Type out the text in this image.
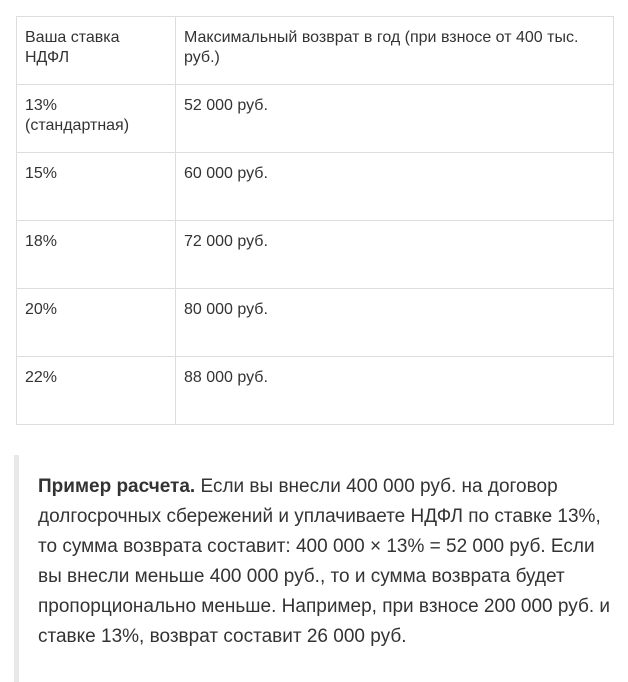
Ваша ставка НДФЛ	Максимальный возврат в год (при взносе от 400 тыс. руб.)
13% (стандартная)	52 000 руб.
15%	60 000 руб.
18%	72 000 руб.
20%	80 000 руб.
22%	88 000 руб.

Пример расчета. Если вы внесли 400 000 руб. на договор долгосрочных сбережений и уплачиваете НДФЛ по ставке 13%, то сумма возврата составит: 400 000 × 13% = 52 000 руб. Если вы внесли меньше 400 000 руб., то и сумма возврата будет пропорционально меньше. Например, при взносе 200 000 руб. и ставке 13%, возврат составит 26 000 руб.
